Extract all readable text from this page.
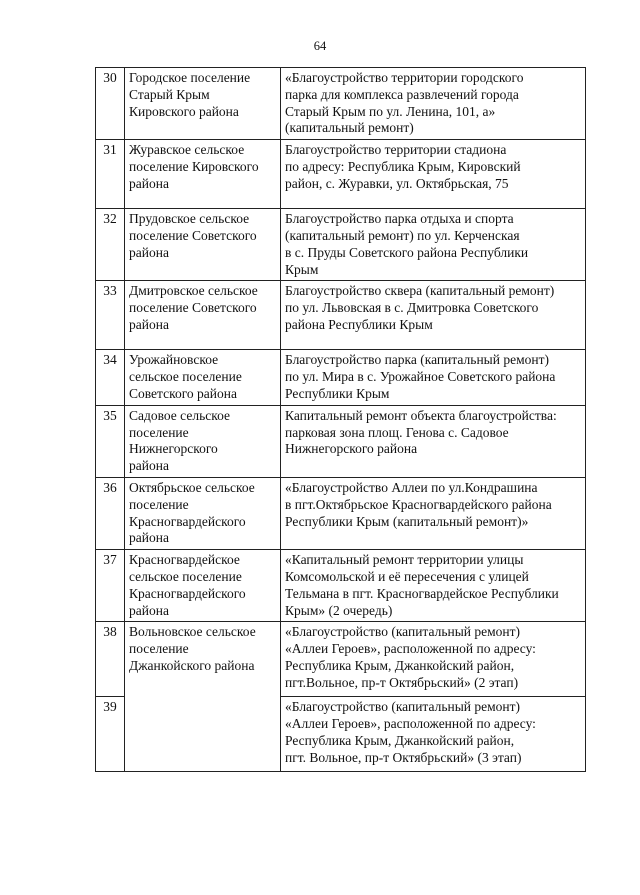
64
30	Городское поселение
Старый Крым
Кировского района	«Благоустройство территории городского
парка для комплекса развлечений города
Старый Крым по ул. Ленина, 101, а»
(капитальный ремонт)
31	Журавское сельское
поселение Кировского
района	Благоустройство территории стадиона
по адресу: Республика Крым, Кировский
район, с. Журавки, ул. Октябрьская, 75
32	Прудовское сельское
поселение Советского
района	Благоустройство парка отдыха и спорта
(капитальный ремонт) по ул. Керченская
в с. Пруды Советского района Республики
Крым
33	Дмитровское сельское
поселение Советского
района	Благоустройство сквера (капитальный ремонт)
по ул. Львовская в с. Дмитровка Советского
района Республики Крым
34	Урожайновское
сельское поселение
Советского района	Благоустройство парка (капитальный ремонт)
по ул. Мира в с. Урожайное Советского района
Республики Крым
35	Садовое сельское
поселение
Нижнегорского
района	Капитальный ремонт объекта благоустройства:
парковая зона площ. Генова с. Садовое
Нижнегорского района
36	Октябрьское сельское
поселение
Красногвардейского
района	«Благоустройство Аллеи по ул.Кондрашина
в пгт.Октябрьское Красногвардейского района
Республики Крым (капитальный ремонт)»
37	Красногвардейское
сельское поселение
Красногвардейского
района	«Капитальный ремонт территории улицы
Комсомольской и её пересечения с улицей
Тельмана в пгт. Красногвардейское Республики
Крым» (2 очередь)
38	Вольновское сельское
поселение
Джанкойского района	«Благоустройство (капитальный ремонт)
«Аллеи Героев», расположенной по адресу:
Республика Крым, Джанкойский район,
пгт.Вольное, пр-т Октябрьский» (2 этап)
39		«Благоустройство (капитальный ремонт)
«Аллеи Героев», расположенной по адресу:
Республика Крым, Джанкойский район,
пгт. Вольное, пр-т Октябрьский» (3 этап)
